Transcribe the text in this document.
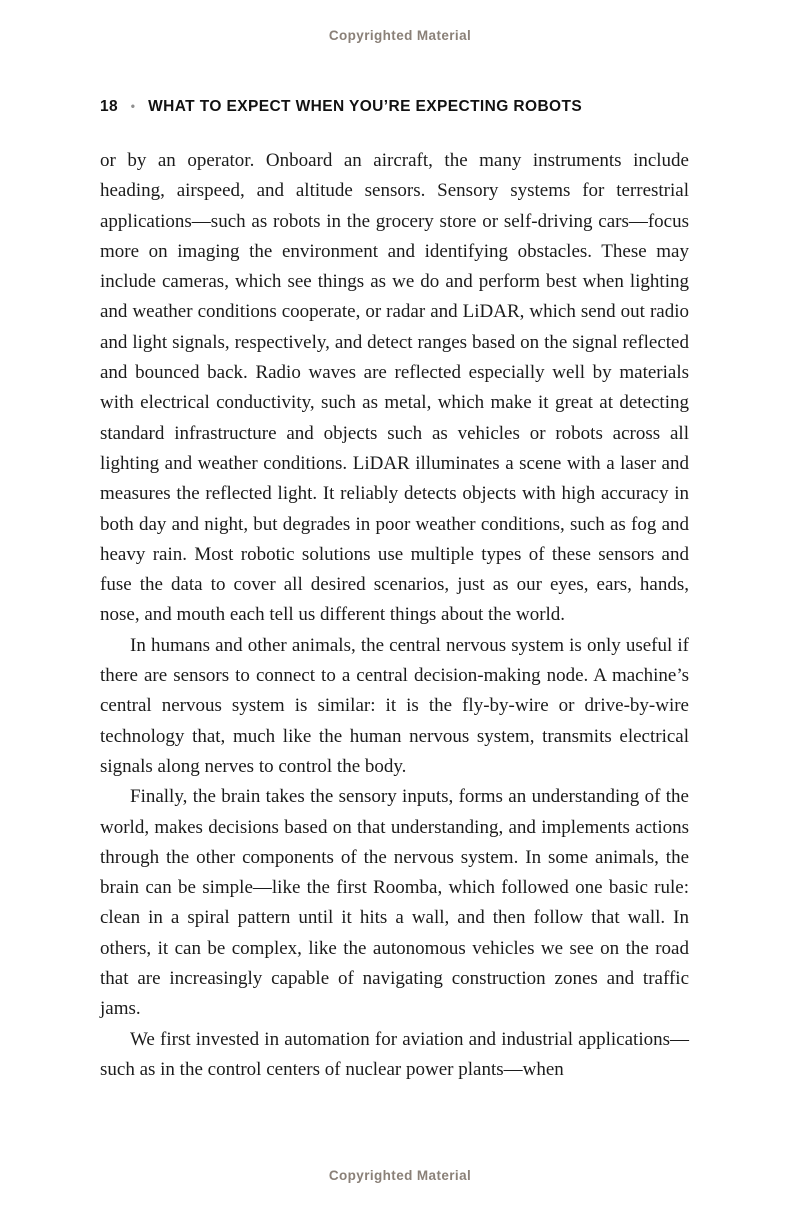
Copyrighted Material
18 • WHAT TO EXPECT WHEN YOU’RE EXPECTING ROBOTS

or by an operator. Onboard an aircraft, the many instruments include heading, airspeed, and altitude sensors. Sensory systems for terrestrial applications—such as robots in the grocery store or self-driving cars—focus more on imaging the environment and identifying obstacles. These may include cameras, which see things as we do and perform best when lighting and weather conditions cooperate, or radar and LiDAR, which send out radio and light signals, respectively, and detect ranges based on the signal reflected and bounced back. Radio waves are reflected especially well by materials with electrical conductivity, such as metal, which make it great at detecting standard infrastructure and objects such as vehicles or robots across all lighting and weather conditions. LiDAR illuminates a scene with a laser and measures the reflected light. It reliably detects objects with high accuracy in both day and night, but degrades in poor weather conditions, such as fog and heavy rain. Most robotic solutions use multiple types of these sensors and fuse the data to cover all desired scenarios, just as our eyes, ears, hands, nose, and mouth each tell us different things about the world.

In humans and other animals, the central nervous system is only useful if there are sensors to connect to a central decision-making node. A machine’s central nervous system is similar: it is the fly-by-wire or drive-by-wire technology that, much like the human nervous system, transmits electrical signals along nerves to control the body.

Finally, the brain takes the sensory inputs, forms an understanding of the world, makes decisions based on that understanding, and implements actions through the other components of the nervous system. In some animals, the brain can be simple—like the first Roomba, which followed one basic rule: clean in a spiral pattern until it hits a wall, and then follow that wall. In others, it can be complex, like the autonomous vehicles we see on the road that are increasingly capable of navigating construction zones and traffic jams.

We first invested in automation for aviation and industrial applications—such as in the control centers of nuclear power plants—when

Copyrighted Material
